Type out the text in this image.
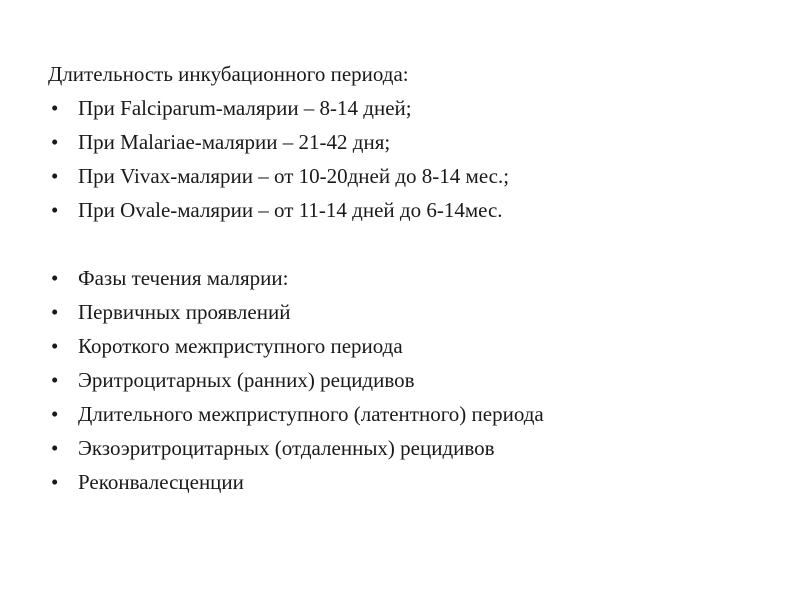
Длительность инкубационного периода:

• При Falciparum-малярии – 8-14 дней;
• При Malariae-малярии – 21-42 дня;
• При Vivax-малярии – от 10-20дней до 8-14 мес.;
• При Ovale-малярии – от 11-14 дней до 6-14мес.
• Фазы течения малярии:
• Первичных проявлений
• Короткого межприступного периода
• Эритроцитарных (ранних) рецидивов
• Длительного межприступного (латентного) периода
• Экзоэритроцитарных (отдаленных) рецидивов
• Реконвалесценции
